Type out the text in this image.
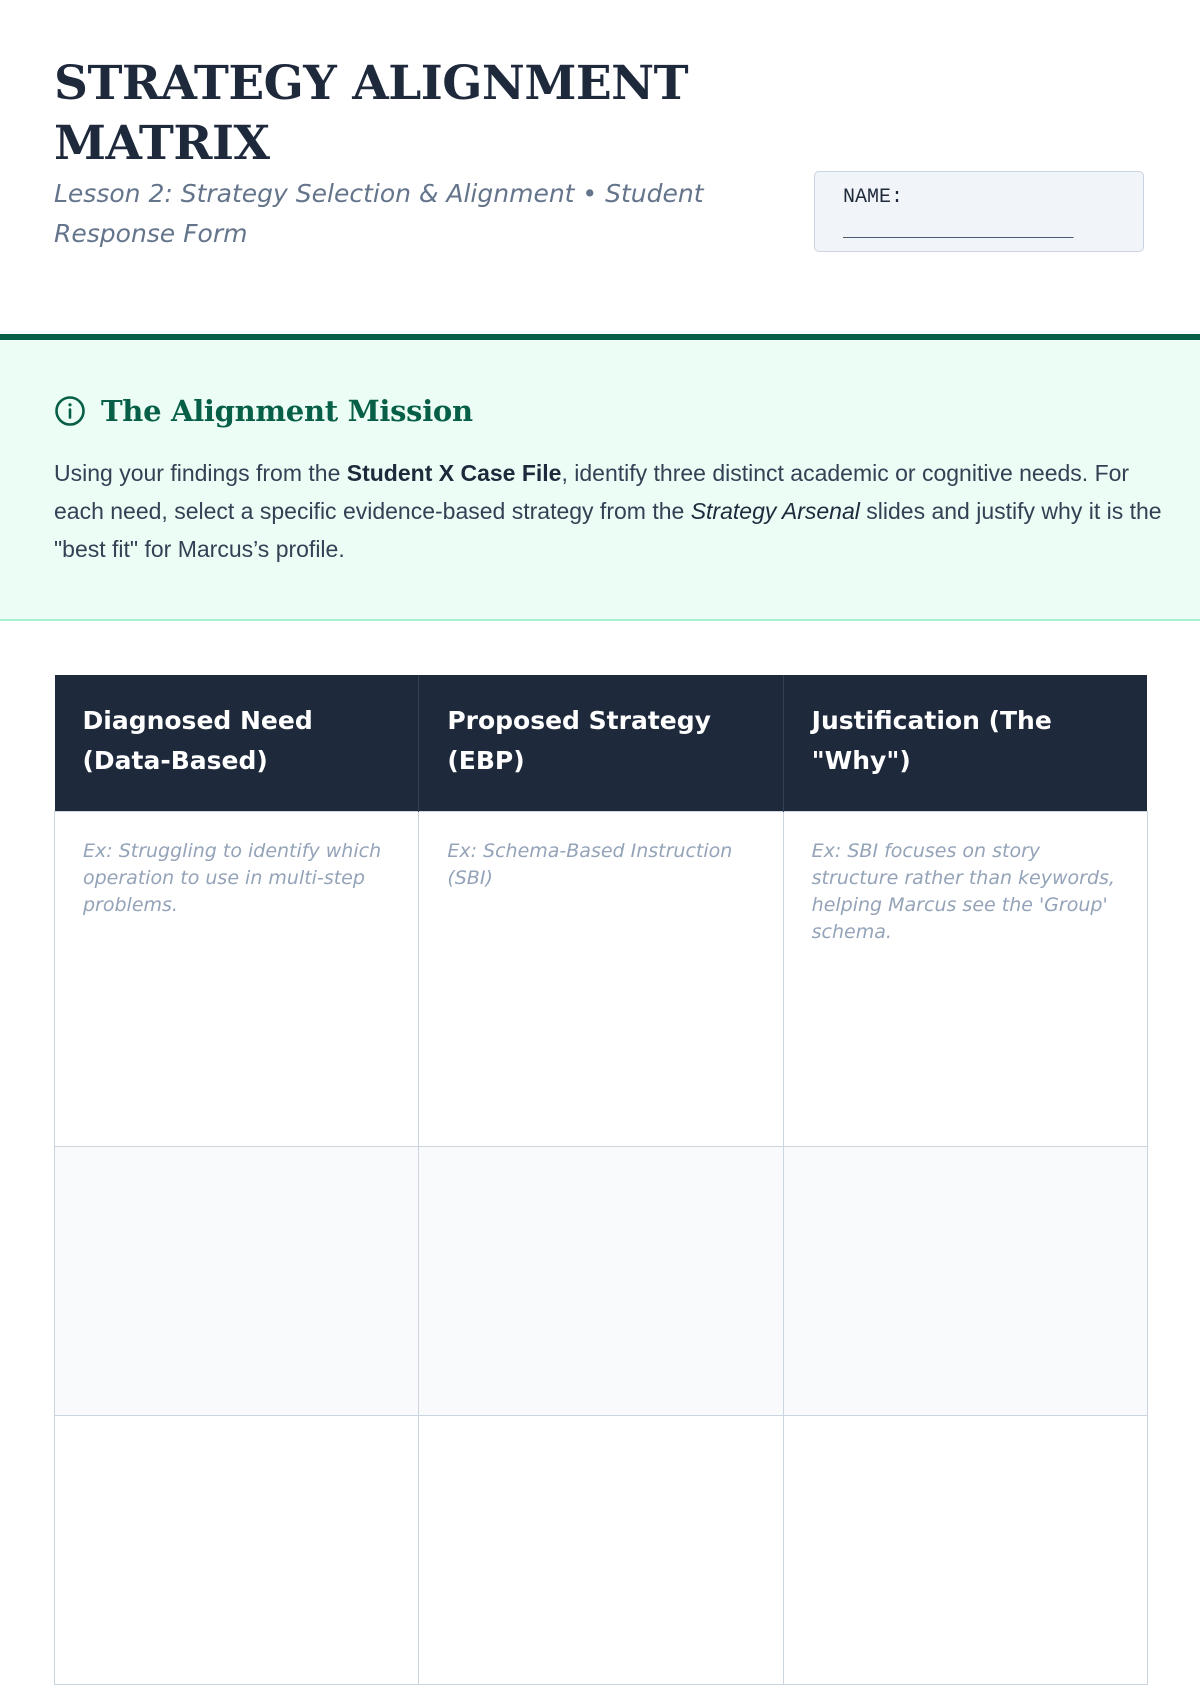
STRATEGY ALIGNMENT MATRIX

Lesson 2: Strategy Selection & Alignment • Student Response Form

NAME:
____________________
The Alignment Mission

Using your findings from the Student X Case File, identify three distinct academic or cognitive needs. For each need, select a specific evidence-based strategy from the Strategy Arsenal slides and justify why it is the "best fit" for Marcus’s profile.

Diagnosed Need (Data-Based)	Proposed Strategy (EBP)	Justification (The "Why")
Ex: Struggling to identify which operation to use in multi-step problems.	Ex: Schema-Based Instruction (SBI)	Ex: SBI focuses on story structure rather than keywords, helping Marcus see the 'Group' schema.
